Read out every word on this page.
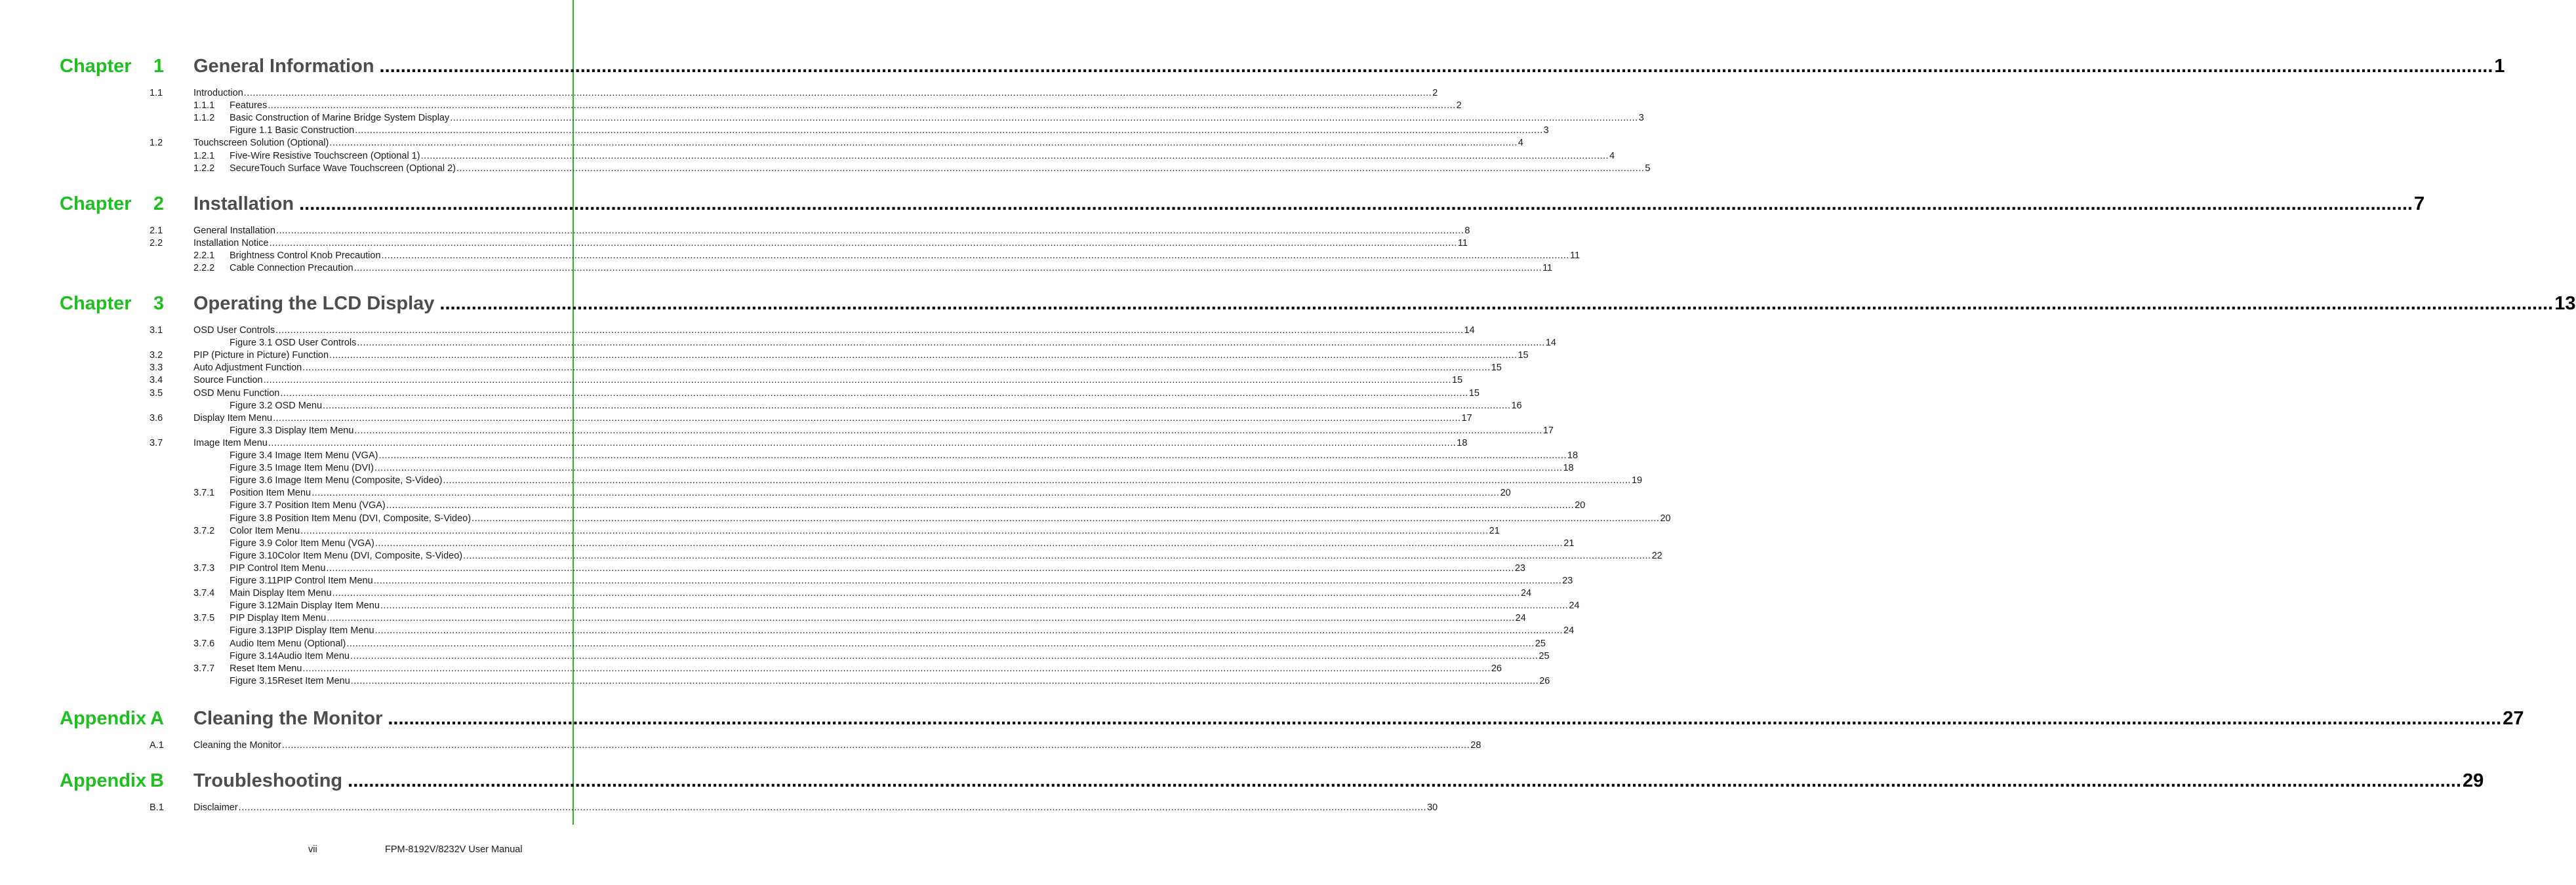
Chapter	1 General Information ................................................................................................................................................................................................................................................................................................................................................................................................................ 1
1.1	Introduction ................................................................................................................................................................................................................................................................................................................................................................................................................ 2
1.1.1 Features ................................................................................................................................................................................................................................................................................................................................................................................................................ 2
1.1.2 Basic Construction of Marine Bridge System Display ................................................................................................................................................................................................................................................................................................................................................................................................................ 3
Figure 1.1 Basic Construction ................................................................................................................................................................................................................................................................................................................................................................................................................ 3
1.2	Touchscreen Solution (Optional) ................................................................................................................................................................................................................................................................................................................................................................................................................ 4
1.2.1 Five-Wire Resistive Touchscreen (Optional 1) ................................................................................................................................................................................................................................................................................................................................................................................................................ 4
1.2.2 SecureTouch Surface Wave Touchscreen (Optional 2) ................................................................................................................................................................................................................................................................................................................................................................................................................ 5
Chapter	2 Installation ................................................................................................................................................................................................................................................................................................................................................................................................................ 7
2.1	General Installation ................................................................................................................................................................................................................................................................................................................................................................................................................ 8
2.2	Installation Notice ................................................................................................................................................................................................................................................................................................................................................................................................................ 11
2.2.1 Brightness Control Knob Precaution ................................................................................................................................................................................................................................................................................................................................................................................................................ 11
2.2.2 Cable Connection Precaution ................................................................................................................................................................................................................................................................................................................................................................................................................ 11
Chapter	3 Operating the LCD Display ................................................................................................................................................................................................................................................................................................................................................................................................................ 13
3.1	OSD User Controls ................................................................................................................................................................................................................................................................................................................................................................................................................ 14
Figure 3.1 OSD User Controls ................................................................................................................................................................................................................................................................................................................................................................................................................ 14
3.2	PIP (Picture in Picture) Function ................................................................................................................................................................................................................................................................................................................................................................................................................ 15
3.3	Auto Adjustment Function ................................................................................................................................................................................................................................................................................................................................................................................................................ 15
3.4	Source Function ................................................................................................................................................................................................................................................................................................................................................................................................................ 15
3.5	OSD Menu Function ................................................................................................................................................................................................................................................................................................................................................................................................................ 15
Figure 3.2 OSD Menu ................................................................................................................................................................................................................................................................................................................................................................................................................ 16
3.6	Display Item Menu ................................................................................................................................................................................................................................................................................................................................................................................................................ 17
Figure 3.3 Display Item Menu ................................................................................................................................................................................................................................................................................................................................................................................................................ 17
3.7	Image Item Menu ................................................................................................................................................................................................................................................................................................................................................................................................................ 18
Figure 3.4 Image Item Menu (VGA) ................................................................................................................................................................................................................................................................................................................................................................................................................ 18
Figure 3.5 Image Item Menu (DVI) ................................................................................................................................................................................................................................................................................................................................................................................................................ 18
Figure 3.6 Image Item Menu (Composite, S-Video) ................................................................................................................................................................................................................................................................................................................................................................................................................ 19
3.7.1 Position Item Menu ................................................................................................................................................................................................................................................................................................................................................................................................................ 20
Figure 3.7 Position Item Menu (VGA) ................................................................................................................................................................................................................................................................................................................................................................................................................ 20
Figure 3.8 Position Item Menu (DVI, Composite, S-Video) ................................................................................................................................................................................................................................................................................................................................................................................................................ 20
3.7.2 Color Item Menu ................................................................................................................................................................................................................................................................................................................................................................................................................ 21
Figure 3.9 Color Item Menu (VGA) ................................................................................................................................................................................................................................................................................................................................................................................................................ 21
Figure 3.10Color Item Menu (DVI, Composite, S-Video) ................................................................................................................................................................................................................................................................................................................................................................................................................ 22
3.7.3 PIP Control Item Menu ................................................................................................................................................................................................................................................................................................................................................................................................................ 23
Figure 3.11PIP Control Item Menu ................................................................................................................................................................................................................................................................................................................................................................................................................ 23
3.7.4 Main Display Item Menu ................................................................................................................................................................................................................................................................................................................................................................................................................ 24
Figure 3.12Main Display Item Menu ................................................................................................................................................................................................................................................................................................................................................................................................................ 24
3.7.5 PIP Display Item Menu ................................................................................................................................................................................................................................................................................................................................................................................................................ 24
Figure 3.13PIP Display Item Menu ................................................................................................................................................................................................................................................................................................................................................................................................................ 24
3.7.6 Audio Item Menu (Optional) ................................................................................................................................................................................................................................................................................................................................................................................................................ 25
Figure 3.14Audio Item Menu ................................................................................................................................................................................................................................................................................................................................................................................................................ 25
3.7.7 Reset Item Menu ................................................................................................................................................................................................................................................................................................................................................................................................................ 26
Figure 3.15Reset Item Menu ................................................................................................................................................................................................................................................................................................................................................................................................................ 26
Appendix A Cleaning the Monitor ................................................................................................................................................................................................................................................................................................................................................................................................................ 27
A.1	Cleaning the Monitor ................................................................................................................................................................................................................................................................................................................................................................................................................ 28
Appendix B Troubleshooting ................................................................................................................................................................................................................................................................................................................................................................................................................ 29
B.1	Disclaimer ................................................................................................................................................................................................................................................................................................................................................................................................................ 30
vii	FPM-8192V/8232V User Manual
